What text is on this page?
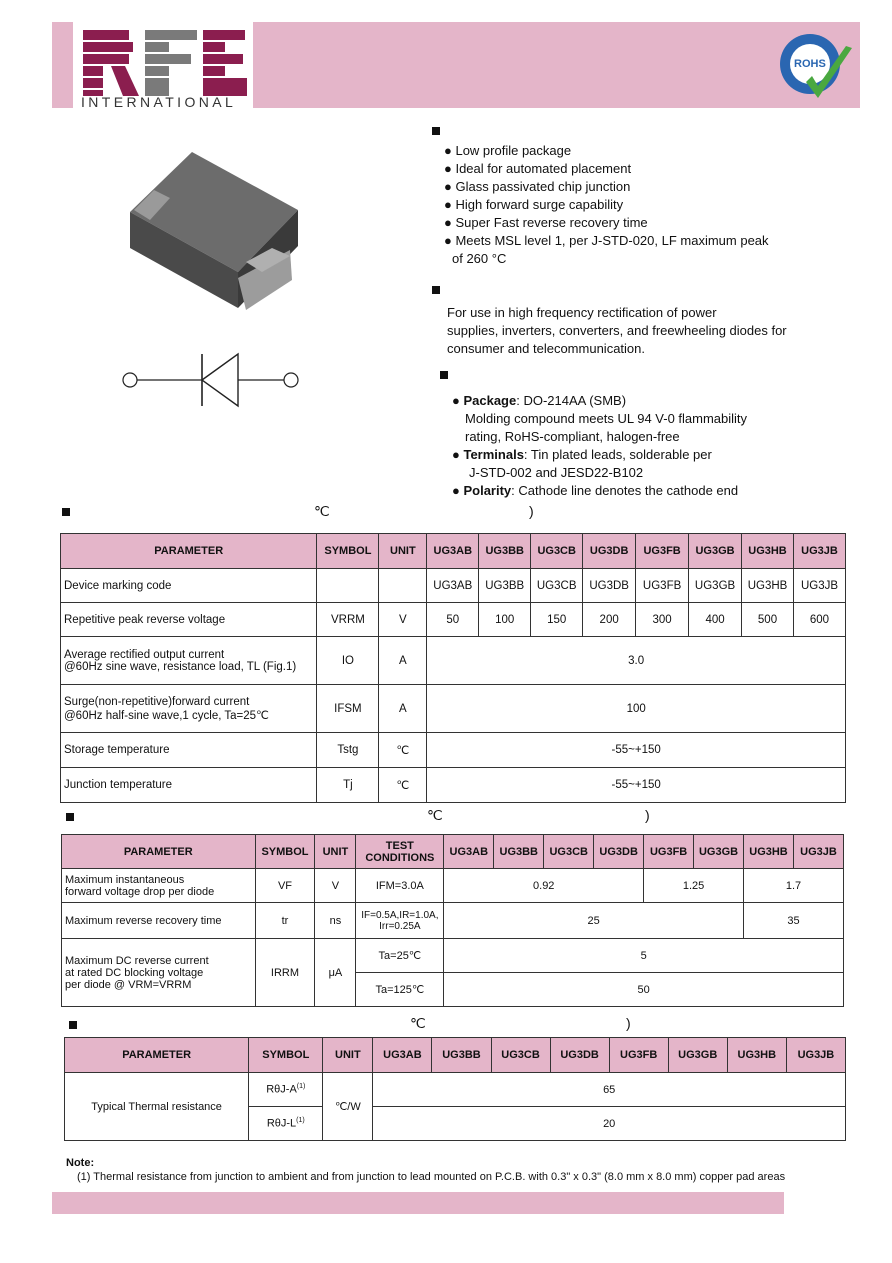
INTERNATIONAL
ROHS
● Low profile package
● Ideal for automated placement
● Glass passivated chip junction
● High forward surge capability
● Super Fast reverse recovery time
● Meets MSL level 1, per J-STD-020, LF maximum peak
of 260 °C
For use in high frequency rectification of power
supplies, inverters, converters, and freewheeling diodes for
consumer and telecommunication.
● Package: DO-214AA (SMB)
Molding compound meets UL 94 V-0 flammability
rating, RoHS-compliant, halogen-free
● Terminals: Tin plated leads, solderable per
J-STD-002 and JESD22-B102
● Polarity: Cathode line denotes the cathode end
℃	)
PARAMETER	SYMBOL	UNIT	UG3AB	UG3BB	UG3CB	UG3DB	UG3FB	UG3GB	UG3HB	UG3JB
Device marking code			UG3AB	UG3BB	UG3CB	UG3DB	UG3FB	UG3GB	UG3HB	UG3JB
Repetitive peak reverse voltage	VRRM	V	50	100	150	200	300	400	500	600

Average rectified output current
@60Hz sine wave, resistance load, TL (Fig.1)	IO	A	3.0							

Surge(non-repetitive)forward current
@60Hz half-sine wave,1 cycle, Ta=25℃	IFSM	A	100							
Storage temperature	Tstg	℃	-55~+150							
Junction temperature	Tj	℃	-55~+150							
℃	)
PARAMETER	SYMBOL	UNIT	TEST
CONDITIONS	UG3AB	UG3BB	UG3CB	UG3DB	UG3FB	UG3GB	UG3HB	UG3JB

Maximum instantaneous
forward voltage drop per diode	VF	V	IFM=3.0A	0.92				1.25		1.7	
Maximum reverse recovery time	tr	ns	IF=0.5A,IR=1.0A,
Irr=0.25A	25						35	

Maximum DC reverse current
at rated DC blocking voltage
per diode @ VRM=VRRM	IRRM	μA	Ta=25℃	5							
			Ta=125℃	50							
℃	)
PARAMETER	SYMBOL	UNIT	UG3AB	UG3BB	UG3CB	UG3DB	UG3FB	UG3GB	UG3HB	UG3JB
Typical Thermal resistance	RθJ-$A^{(1)}$	℃/W	65							
	RθJ-$L^{(1)}$		20							
Note:
(1) Thermal resistance from junction to ambient and from junction to lead mounted on P.C.B. with 0.3" x 0.3" (8.0 mm x 8.0 mm) copper pad areas
